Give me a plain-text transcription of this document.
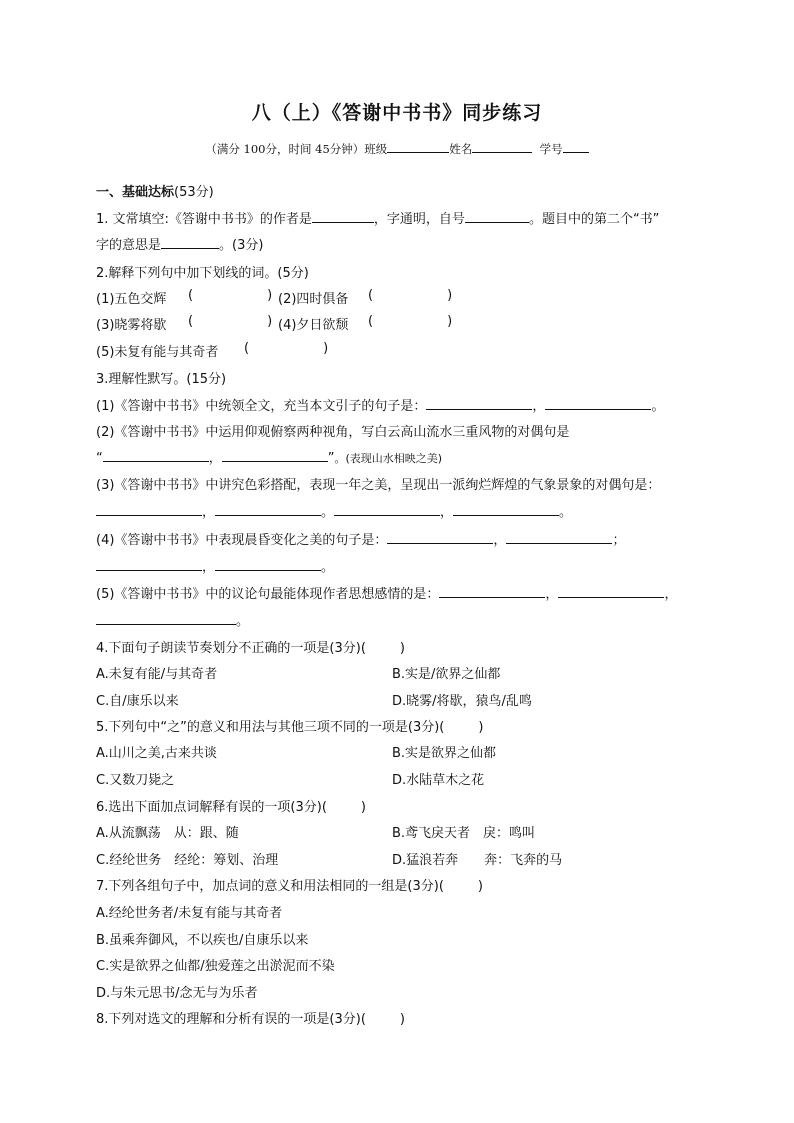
八（上）《答谢中书书》同步练习
（满分 100分，时间 45分钟）班级	姓名	学号
一、基础达标(53分)
1. 文常填空:《答谢中书书》的作者是	，字通明，自号	。题目中的第二个“书”
字的意思是	。(3分)
2.解释下列句中加下划线的词。(5分)
(1)五色交辉 (	) (2)四时俱备 (	)
(3)晓雾将歇 (	) (4)夕日欲颓 (	)
(5)未复有能与其奇者 (	)
3.理解性默写。(15分)
(1)《答谢中书书》中统领全文，充当本文引子的句子是：	，	。
(2)《答谢中书书》中运用仰观俯察两种视角，写白云高山流水三重风物的对偶句是
“	，	”。(表现山水相映之美)
(3)《答谢中书书》中讲究色彩搭配，表现一年之美，呈现出一派绚烂辉煌的气象景象的对偶句是：
，	。	，	。
(4)《答谢中书书》中表现晨昏变化之美的句子是：	，	；
，	。
(5)《答谢中书书》中的议论句最能体现作者思想感情的是：	，	，
。
4.下面句子朗读节奏划分不正确的一项是(3分)(	)
A.未复有能/与其奇者	B.实是/欲界之仙都
C.自/康乐以来	D.晓雾/将歇，猿鸟/乱鸣
5.下列句中“之”的意义和用法与其他三项不同的一项是(3分)(	)
A.山川之美,古来共谈	B.实是欲界之仙都
C.又数刀毙之	D.水陆草木之花
6.选出下面加点词解释有误的一项(3分)(	)
A.从流飘荡　从：跟、随	B.鸢飞戾天者　戾：鸣叫
C.经纶世务　经纶：筹划、治理	D.猛浪若奔　　奔：飞奔的马
7.下列各组句子中，加点词的意义和用法相同的一组是(3分)(	)
A.经纶世务者/未复有能与其奇者
B.虽乘奔御风，不以疾也/自康乐以来
C.实是欲界之仙都/独爱莲之出淤泥而不染
D.与朱元思书/念无与为乐者
8.下列对选文的理解和分析有误的一项是(3分)(	)
